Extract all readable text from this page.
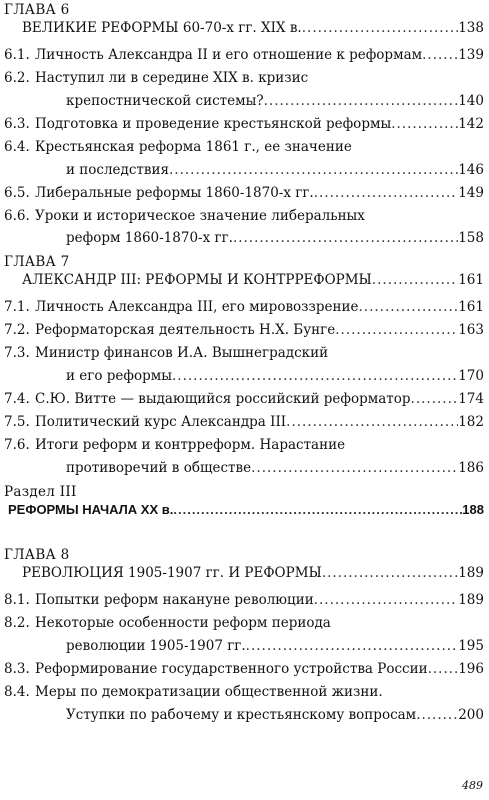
ГЛАВА 6
ВЕЛИКИЕ РЕФОРМЫ 60-70-х гг. XIX в. .....	138
6.1. Личность Александра II и его отношение к реформам .....	139
6.2. Наступил ли в середине XIX в. кризис
крепостнической системы? .....	140
6.3. Подготовка и проведение крестьянской реформы .....	142
6.4. Крестьянская реформа 1861 г., ее значение
и последствия .....	146
6.5. Либеральные реформы 1860-1870-х гг. .....	149
6.6. Уроки и историческое значение либеральных
реформ 1860-1870-х гг. .....	158
ГЛАВА 7
АЛЕКСАНДР III: РЕФОРМЫ И КОНТРРЕФОРМЫ .....	161
7.1. Личность Александра III, его мировоззрение .....	161
7.2. Реформаторская деятельность Н.Х. Бунге .....	163
7.3. Министр финансов И.А. Вышнеградский
и его реформы .....	170
7.4. С.Ю. Витте — выдающийся российский реформатор .....	174
7.5. Политический курс Александра III .....	182
7.6. Итоги реформ и контрреформ. Нарастание
противоречий в обществе .....	186
Раздел III
РЕФОРМЫ НАЧАЛА XX в. .....	188
ГЛАВА 8
РЕВОЛЮЦИЯ 1905-1907 гг. И РЕФОРМЫ .....	189
8.1. Попытки реформ накануне революции .....	189
8.2. Некоторые особенности реформ периода
революции 1905-1907 гг. .....	195
8.3. Реформирование государственного устройства России ..... 196
8.4. Меры по демократизации общественной жизни.
Уступки по рабочему и крестьянскому вопросам .....	200
489
